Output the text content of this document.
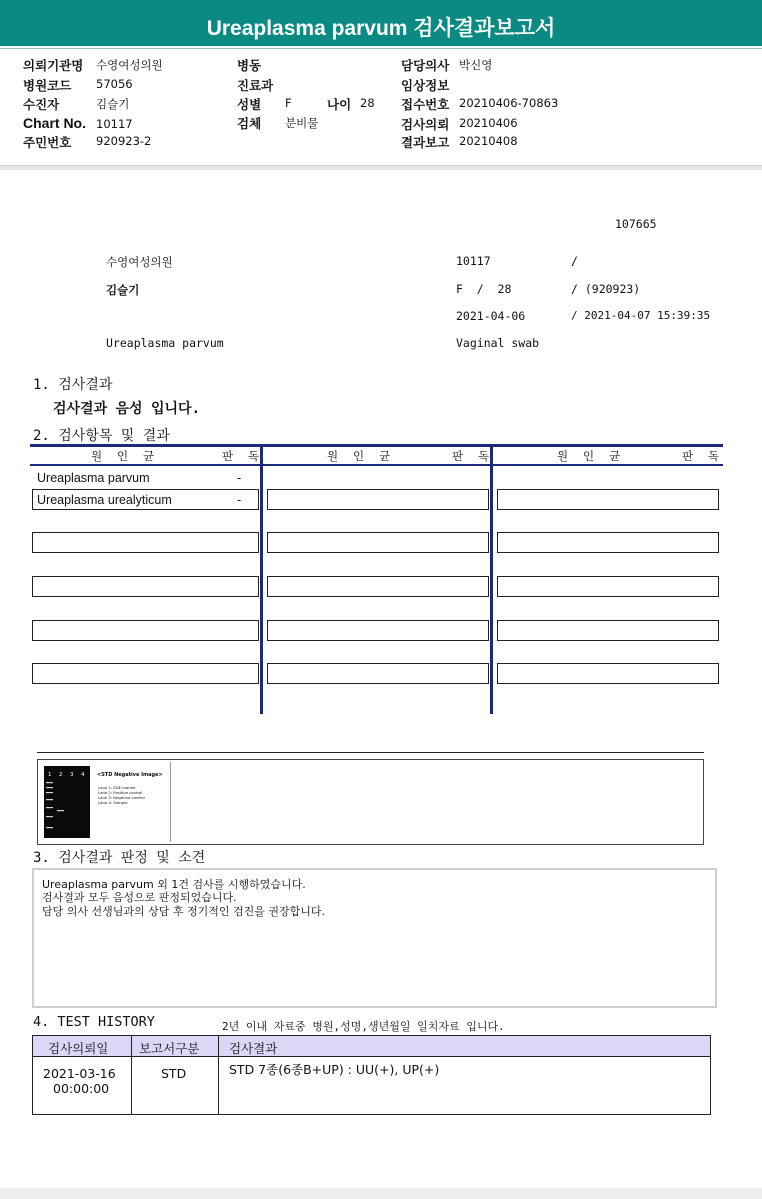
Ureaplasma parvum 검사결과보고서
의뢰기관명 수영여성의원
병원코드 57056
수진자	김슬기
Chart No. 10117
주민번호 920923-2
병동
진료과
성별 F	나이 28
검체 분비물
담당의사 박신영
임상정보
접수번호 20210406-70863
검사의뢰 20210406
결과보고 20210408
107665
수영여성의원	10117	/
김슬기	F  /  28	/ (920923)
2021-04-06	/ 2021-04-07 15:39:35
Ureaplasma parvum	Vaginal swab
1. 검사결과
검사결과 음성 입니다.
2. 검사항목 및 결과
원 인 균	판 독	원 인 균	판 독	원 인 균	판 독
Ureaplasma parvum	-
Ureaplasma urealyticum	-
1 2 3 4	<STD Negative Image>
Lane 1: SDE marker
Lane 2: Positive control
Lane 3: Negative control
Lane 4: Sample
3. 검사결과 판정 및 소견
Ureaplasma parvum 외 1건 검사를 시행하였습니다.
검사결과 모두 음성으로 판정되었습니다.
담당 의사 선생님과의 상담 후 정기적인 검진을 권장합니다.
4. TEST HISTORY	2년 이내 자료중 병원,성명,생년월일 일치자료 입니다.
검사의뢰일 보고서구분 검사결과
2021-03-16
00:00:00
STD	STD 7종(6종B+UP) : UU(+), UP(+)
